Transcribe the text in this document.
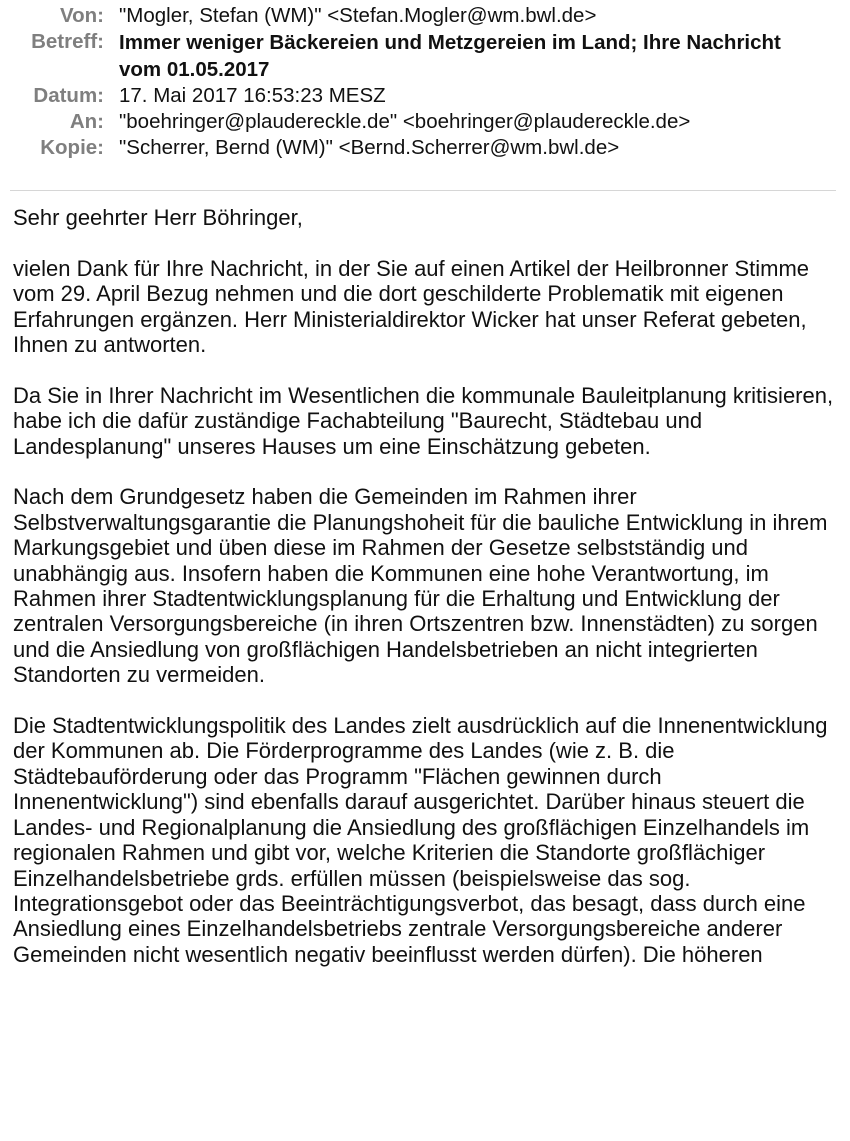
Von: "Mogler, Stefan (WM)" <Stefan.Mogler@wm.bwl.de>
Betreff: Immer weniger Bäckereien und Metzgereien im Land; Ihre Nachricht vom 01.05.2017
Datum: 17. Mai 2017 16:53:23 MESZ
An: "boehringer@plaudereckle.de" <boehringer@plaudereckle.de>
Kopie: "Scherrer, Bernd (WM)" <Bernd.Scherrer@wm.bwl.de>

Sehr geehrter Herr Böhringer,

vielen Dank für Ihre Nachricht, in der Sie auf einen Artikel der Heilbronner Stimme vom 29. April Bezug nehmen und die dort geschilderte Problematik mit eigenen Erfahrungen ergänzen. Herr Ministerialdirektor Wicker hat unser Referat gebeten, Ihnen zu antworten.

Da Sie in Ihrer Nachricht im Wesentlichen die kommunale Bauleitplanung kritisieren, habe ich die dafür zuständige Fachabteilung "Baurecht, Städtebau und Landesplanung" unseres Hauses um eine Einschätzung gebeten.

Nach dem Grundgesetz haben die Gemeinden im Rahmen ihrer Selbstverwaltungsgarantie die Planungshoheit für die bauliche Entwicklung in ihrem Markungsgebiet und üben diese im Rahmen der Gesetze selbstständig und unabhängig aus. Insofern haben die Kommunen eine hohe Verantwortung, im Rahmen ihrer Stadtentwicklungsplanung für die Erhaltung und Entwicklung der zentralen Versorgungsbereiche (in ihren Ortszentren bzw. Innenstädten) zu sorgen und die Ansiedlung von großflächigen Handelsbetrieben an nicht integrierten Standorten zu vermeiden.

Die Stadtentwicklungspolitik des Landes zielt ausdrücklich auf die Innenentwicklung der Kommunen ab. Die Förderprogramme des Landes (wie z. B. die Städtebauförderung oder das Programm "Flächen gewinnen durch Innenentwicklung") sind ebenfalls darauf ausgerichtet. Darüber hinaus steuert die Landes- und Regionalplanung die Ansiedlung des großflächigen Einzelhandels im regionalen Rahmen und gibt vor, welche Kriterien die Standorte großflächiger Einzelhandelsbetriebe grds. erfüllen müssen (beispielsweise das sog. Integrationsgebot oder das Beeinträchtigungsverbot, das besagt, dass durch eine Ansiedlung eines Einzelhandelsbetriebs zentrale Versorgungsbereiche anderer Gemeinden nicht wesentlich negativ beeinflusst werden dürfen). Die höheren
